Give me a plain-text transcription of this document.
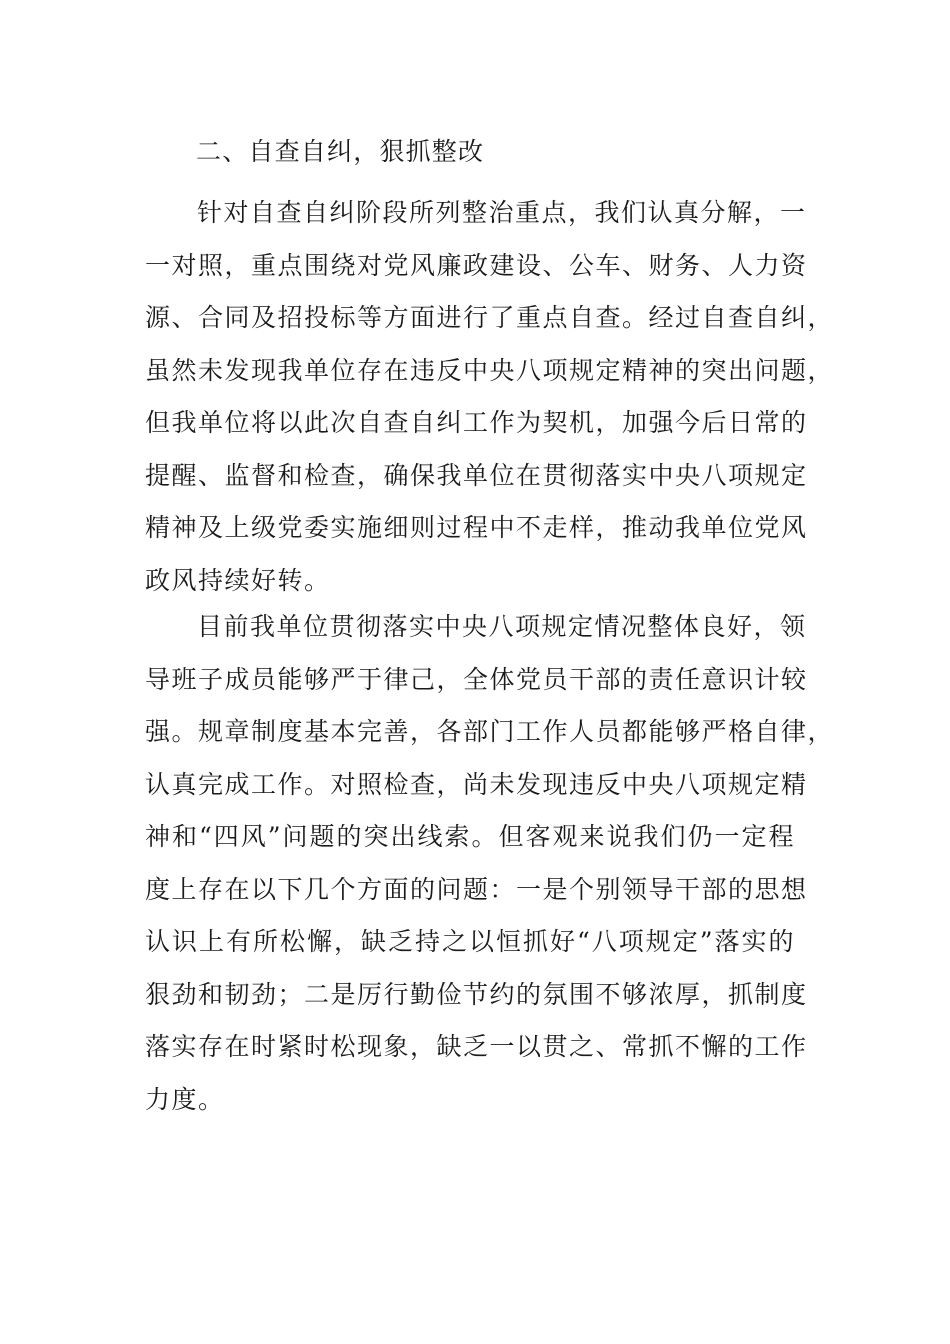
二、自查自纠，狠抓整改
针对自查自纠阶段所列整治重点，我们认真分解，一
一对照，重点围绕对党风廉政建设、公车、财务、人力资
源、合同及招投标等方面进行了重点自查。经过自查自纠，
虽然未发现我单位存在违反中央八项规定精神的突出问题，
但我单位将以此次自查自纠工作为契机，加强今后日常的
提醒、监督和检查，确保我单位在贯彻落实中央八项规定
精神及上级党委实施细则过程中不走样，推动我单位党风
政风持续好转。
目前我单位贯彻落实中央八项规定情况整体良好，领
导班子成员能够严于律己，全体党员干部的责任意识计较
强。规章制度基本完善，各部门工作人员都能够严格自律，
认真完成工作。对照检查，尚未发现违反中央八项规定精
神和“四风”问题的突出线索。但客观来说我们仍一定程
度上存在以下几个方面的问题：一是个别领导干部的思想
认识上有所松懈，缺乏持之以恒抓好“八项规定”落实的
狠劲和韧劲；二是厉行勤俭节约的氛围不够浓厚，抓制度
落实存在时紧时松现象，缺乏一以贯之、常抓不懈的工作
力度。
